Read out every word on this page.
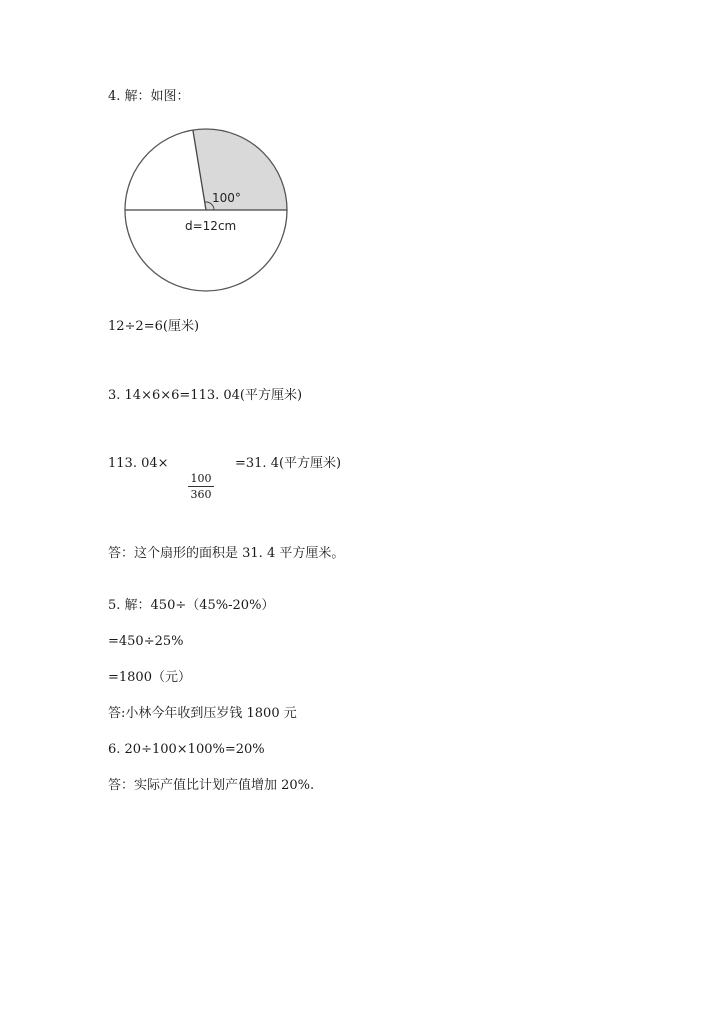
4. 解：如图：
100°
d=12cm
12÷2=6(厘米)
3. 14×6×6=113. 04(平方厘米)
113. 04×
100
360
=31. 4(平方厘米)
答：这个扇形的面积是 31. 4 平方厘米。
5. 解：450÷（45%-20%）
=450÷25%
=1800（元）
答:小林今年收到压岁钱 1800 元
6. 20÷100×100%=20%
答：实际产值比计划产值增加 20%.
